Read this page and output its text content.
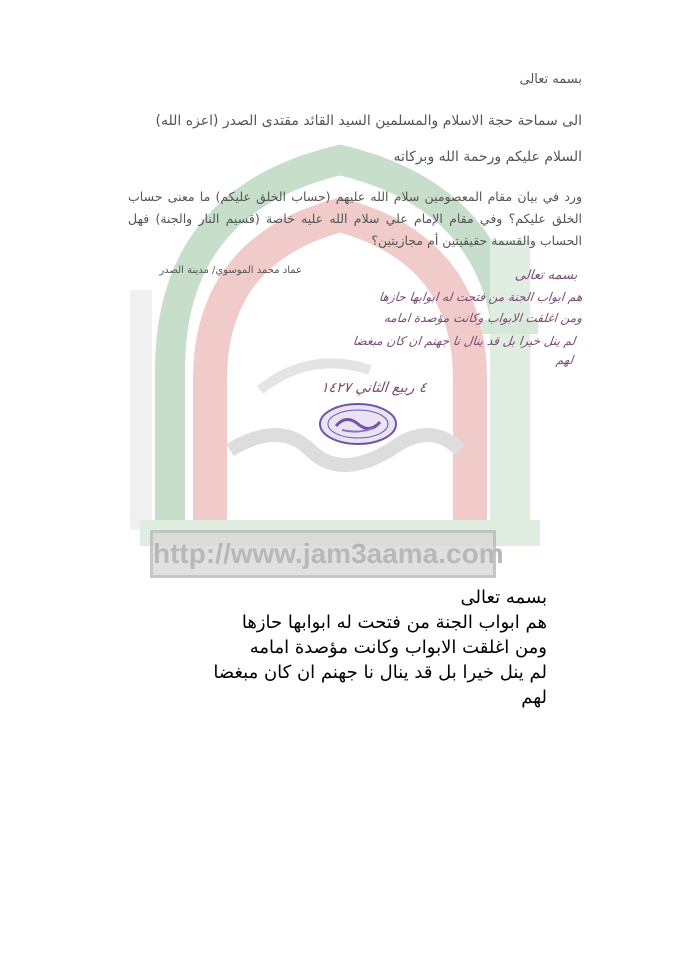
http://www.jam3aama.com
بسمه تعالى
الى سماحة حجة الاسلام والمسلمين السيد القائد مقتدى الصدر (اعزه الله)
السلام عليكم ورحمة الله وبركاته
ورد في بيان مقام المعصومين سلام الله عليهم (حساب الخلق عليكم) ما معنى حساب الخلق عليكم؟ وفي مقام الإمام علي سلام الله عليه خاصة (قسيم النار والجنة) فهل الحساب والقسمة حقيقيتين أم مجازيتين؟
عماد محمد الموسوي/ مدينة الصدر	بسمه تعالى
هم ابواب الجنة من فتحت له ابوابها حازها
ومن اغلقت الابواب وكانت مؤصدة امامه
لم ينل خيرا بل قد ينال نا جهنم ان كان مبغضا
لهم
٤ ربيع الثاني ١٤٢٧
بسمه تعالى
هم ابواب الجنة من فتحت له ابوابها حازها
ومن اغلقت الابواب وكانت مؤصدة امامه
لم ينل خيرا بل قد ينال نا جهنم ان كان مبغضا
لهم
